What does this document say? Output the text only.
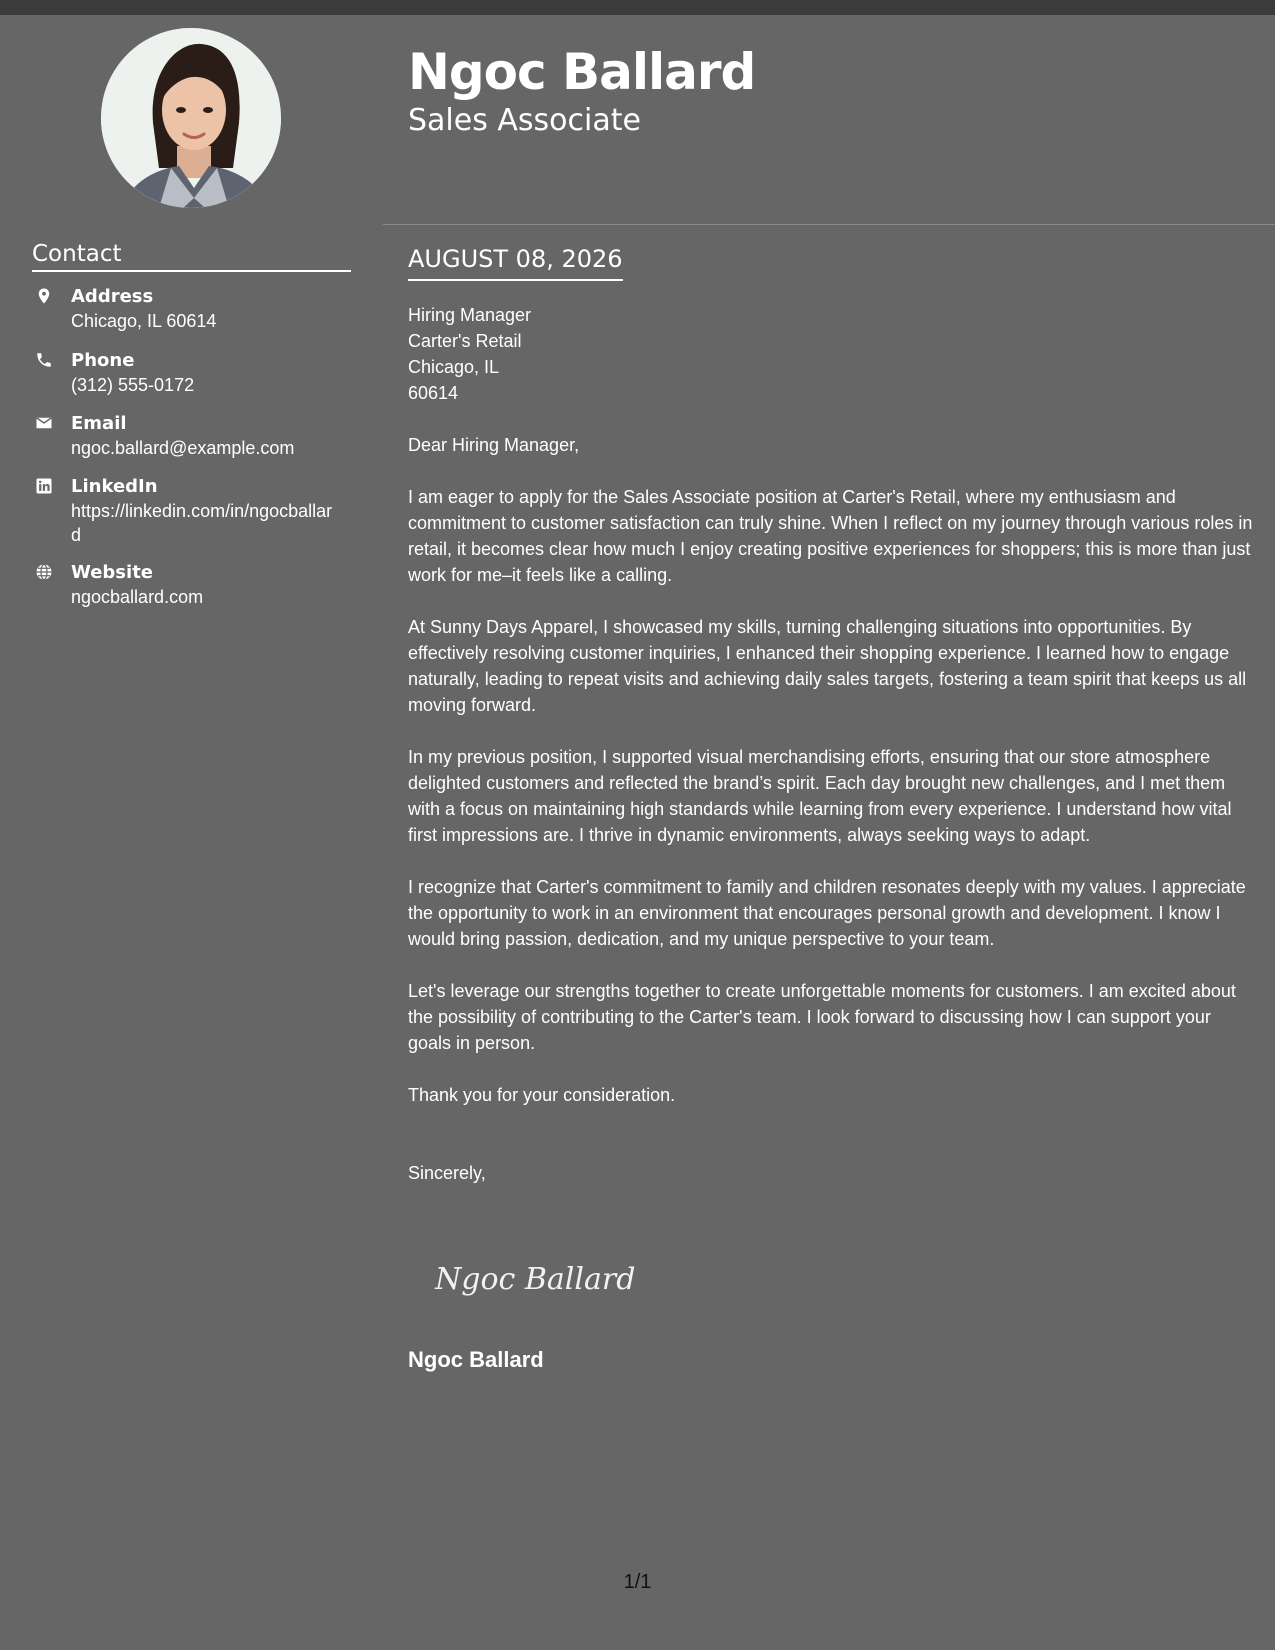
Contact
Address
Chicago, IL 60614
Phone
(312) 555-0172
Email
ngoc.ballard@example.com
LinkedIn
https://linkedin.com/in/ngocballard
Website
ngocballard.com
Ngoc Ballard
Sales Associate
AUGUST 08, 2026
Hiring Manager
Carter's Retail
Chicago, IL
60614

Dear Hiring Manager,

I am eager to apply for the Sales Associate position at Carter's Retail, where my enthusiasm and commitment to customer satisfaction can truly shine. When I reflect on my journey through various roles in retail, it becomes clear how much I enjoy creating positive experiences for shoppers; this is more than just work for me–it feels like a calling.

At Sunny Days Apparel, I showcased my skills, turning challenging situations into opportunities. By effectively resolving customer inquiries, I enhanced their shopping experience. I learned how to engage naturally, leading to repeat visits and achieving daily sales targets, fostering a team spirit that keeps us all moving forward.

In my previous position, I supported visual merchandising efforts, ensuring that our store atmosphere delighted customers and reflected the brand’s spirit. Each day brought new challenges, and I met them with a focus on maintaining high standards while learning from every experience. I understand how vital first impressions are. I thrive in dynamic environments, always seeking ways to adapt.

I recognize that Carter's commitment to family and children resonates deeply with my values. I appreciate the opportunity to work in an environment that encourages personal growth and development. I know I would bring passion, dedication, and my unique perspective to your team.

Let's leverage our strengths together to create unforgettable moments for customers. I am excited about the possibility of contributing to the Carter's team. I look forward to discussing how I can support your goals in person.

Thank you for your consideration.

Sincerely,
Ngoc Ballard
Ngoc Ballard
1/1
